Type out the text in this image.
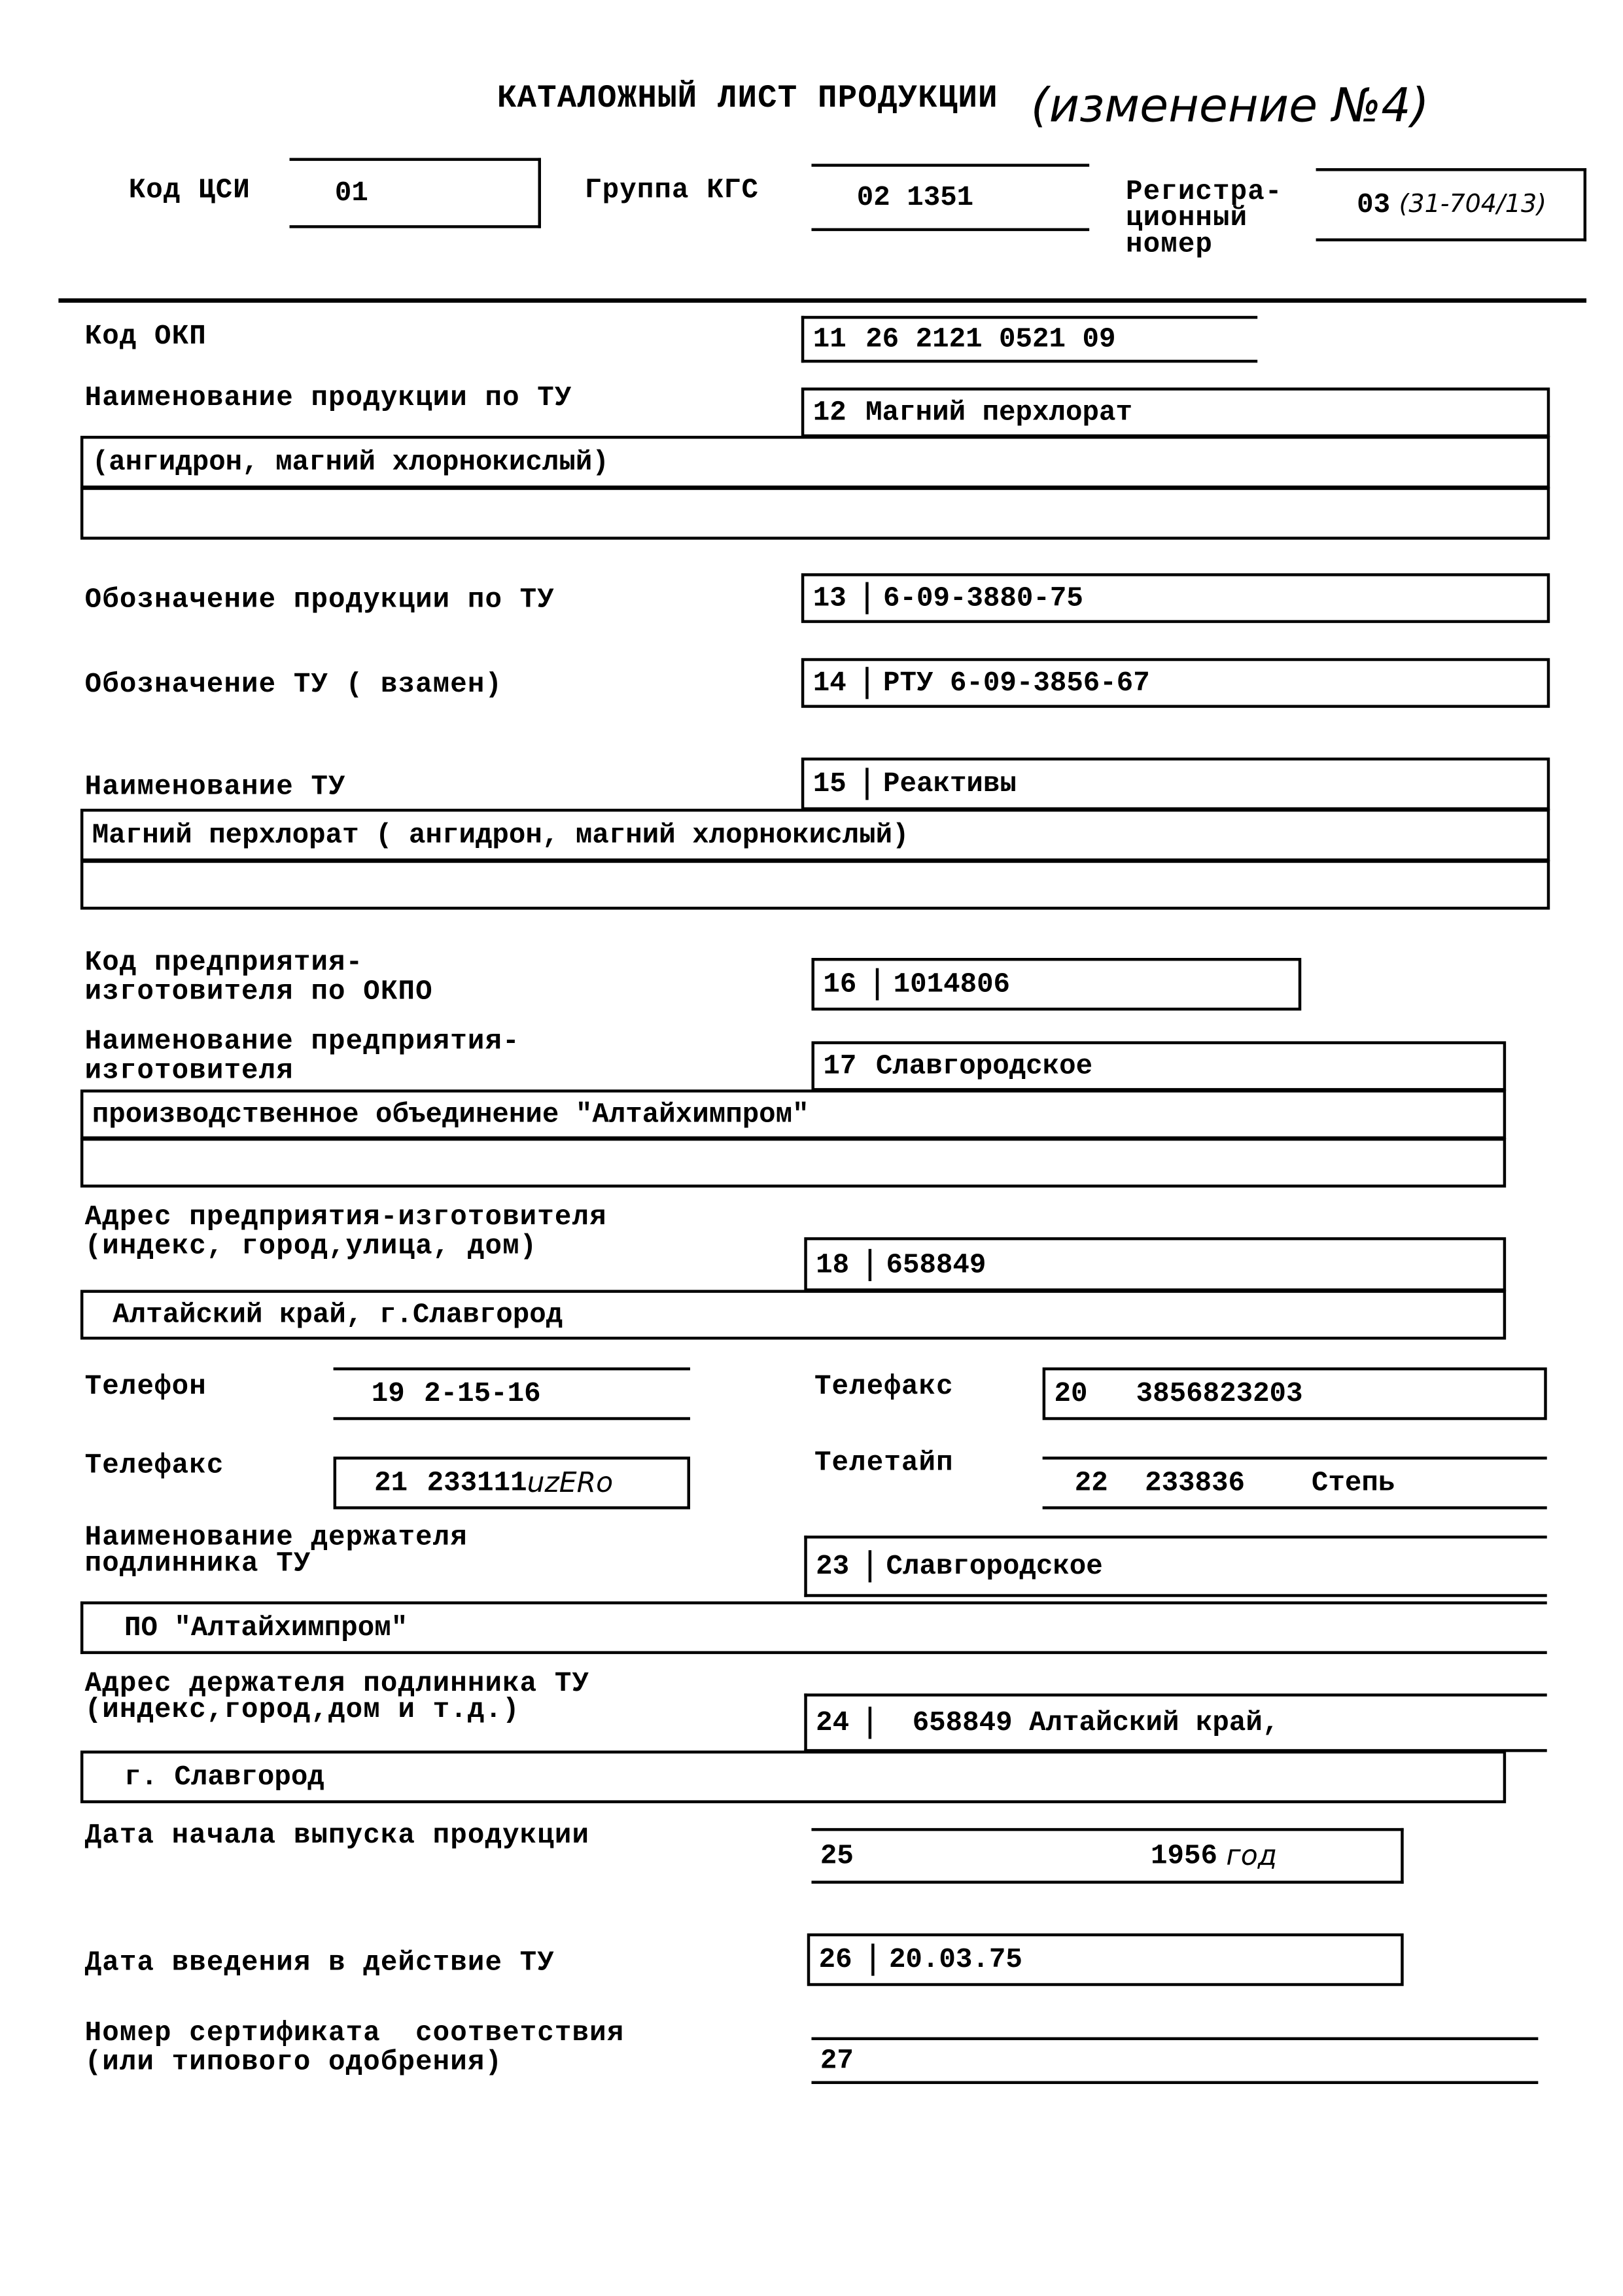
КАТАЛОЖНЫЙ ЛИСТ ПРОДУКЦИИ (изменение №4)
Код ЦСИ	01	Группа КГС	02 1351	Регистра-
ционный
номер
03 (31-704/13)
Код ОКП	11	26 2121 0521 09
Наименование продукции по ТУ	12	Магний перхлорат
(ангидрон, магний хлорнокислый)
Обозначение продукции по ТУ	13	6-09-3880-75
Обозначение ТУ ( взамен)	14	РТУ 6-09-3856-67
Наименование ТУ	15	Реактивы
Магний перхлорат ( ангидрон, магний хлорнокислый)
Код предприятия-
изготовителя по ОКПО	16	1014806
Наименование предприятия-
изготовителя	17	Славгородское
производственное объединение "Алтайхимпром"
Адрес предприятия-изготовителя
(индекс, город,улица, дом)
18	658849
Алтайский край, г.Славгород
Телефон	19	2-15-16	Телефакс	20	3856823203
Телефакс
21	233111 uzERо
Телетайп
22	233836    Степь
Наименование держателя
подлинника ТУ	23	Славгородское
ПО "Алтайхимпром"
Адрес держателя подлинника ТУ
(индекс,город,дом и т.д.)	24	658849 Алтайский край,
г. Славгород
Дата начала выпуска продукции
25	1956 год
Дата введения в действие ТУ	26	20.03.75
Номер сертификата  соответствия
(или типового одобрения)	27
